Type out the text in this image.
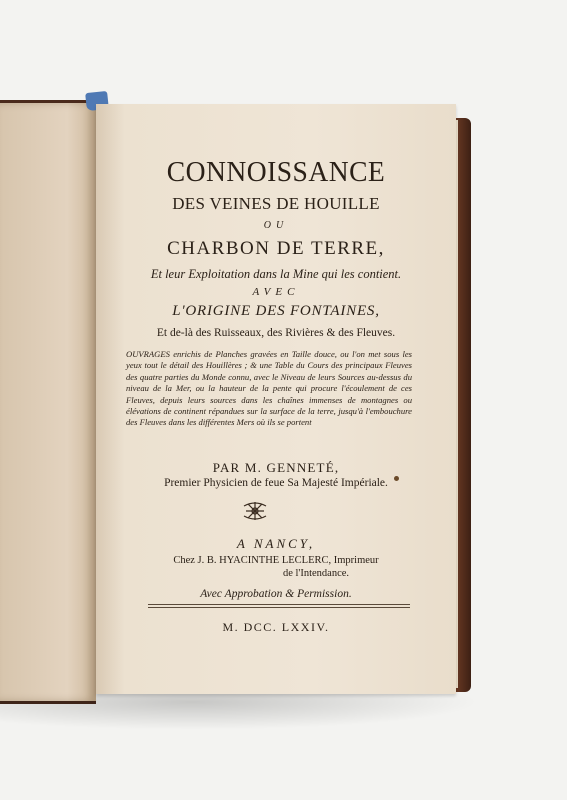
CONNOISSANCE
DES VEINES DE HOUILLE
OU
CHARBON DE TERRE,
Et leur Exploitation dans la Mine qui les contient.
AVEC
L'ORIGINE DES FONTAINES,
Et de-là des Ruisseaux, des Rivières & des Fleuves.
OUVRAGES enrichis de Planches gravées en Taille douce, ou l'on met sous les yeux tout le détail des Houillères ; & une Table du Cours des principaux Fleuves des quatre parties du Monde connu, avec le Niveau de leurs Sources au-dessus du niveau de la Mer, ou la hauteur de la pente qui procure l'écoulement de ces Fleuves, depuis leurs sources dans les chaînes immenses de montagnes ou élévations de continent répandues sur la surface de la terre, jusqu'à l'embouchure des Fleuves dans les différentes Mers où ils se portent
PAR M. GENNETÉ,
Premier Physicien de feue Sa Majesté Impériale.
A NANCY,
Chez J. B. HYACINTHE LECLERC, Imprimeur
de l'Intendance.
Avec Approbation & Permission.
M. DCC. LXXIV.
